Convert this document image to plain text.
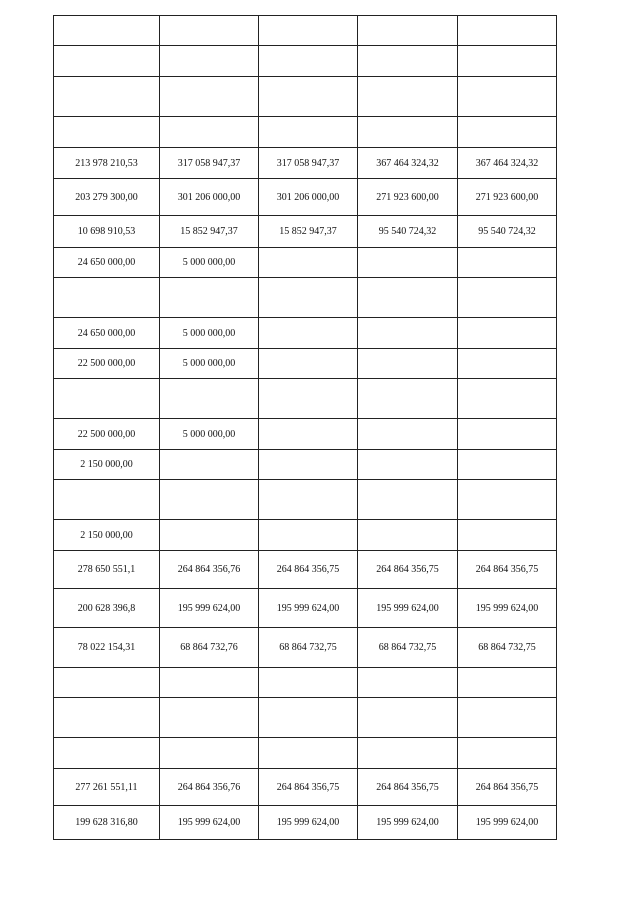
213 978 210,53	317 058 947,37	317 058 947,37	367 464 324,32	367 464 324,32
203 279 300,00	301 206 000,00	301 206 000,00	271 923 600,00	271 923 600,00
10 698 910,53	15 852 947,37	15 852 947,37	95 540 724,32	95 540 724,32
24 650 000,00	5 000 000,00			

24 650 000,00	5 000 000,00			
22 500 000,00	5 000 000,00			

22 500 000,00	5 000 000,00			
2 150 000,00				

2 150 000,00				
278 650 551,1	264 864 356,76	264 864 356,75	264 864 356,75	264 864 356,75
200 628 396,8	195 999 624,00	195 999 624,00	195 999 624,00	195 999 624,00
78 022 154,31	68 864 732,76	68 864 732,75	68 864 732,75	68 864 732,75

277 261 551,11	264 864 356,76	264 864 356,75	264 864 356,75	264 864 356,75
199 628 316,80	195 999 624,00	195 999 624,00	195 999 624,00	195 999 624,00
